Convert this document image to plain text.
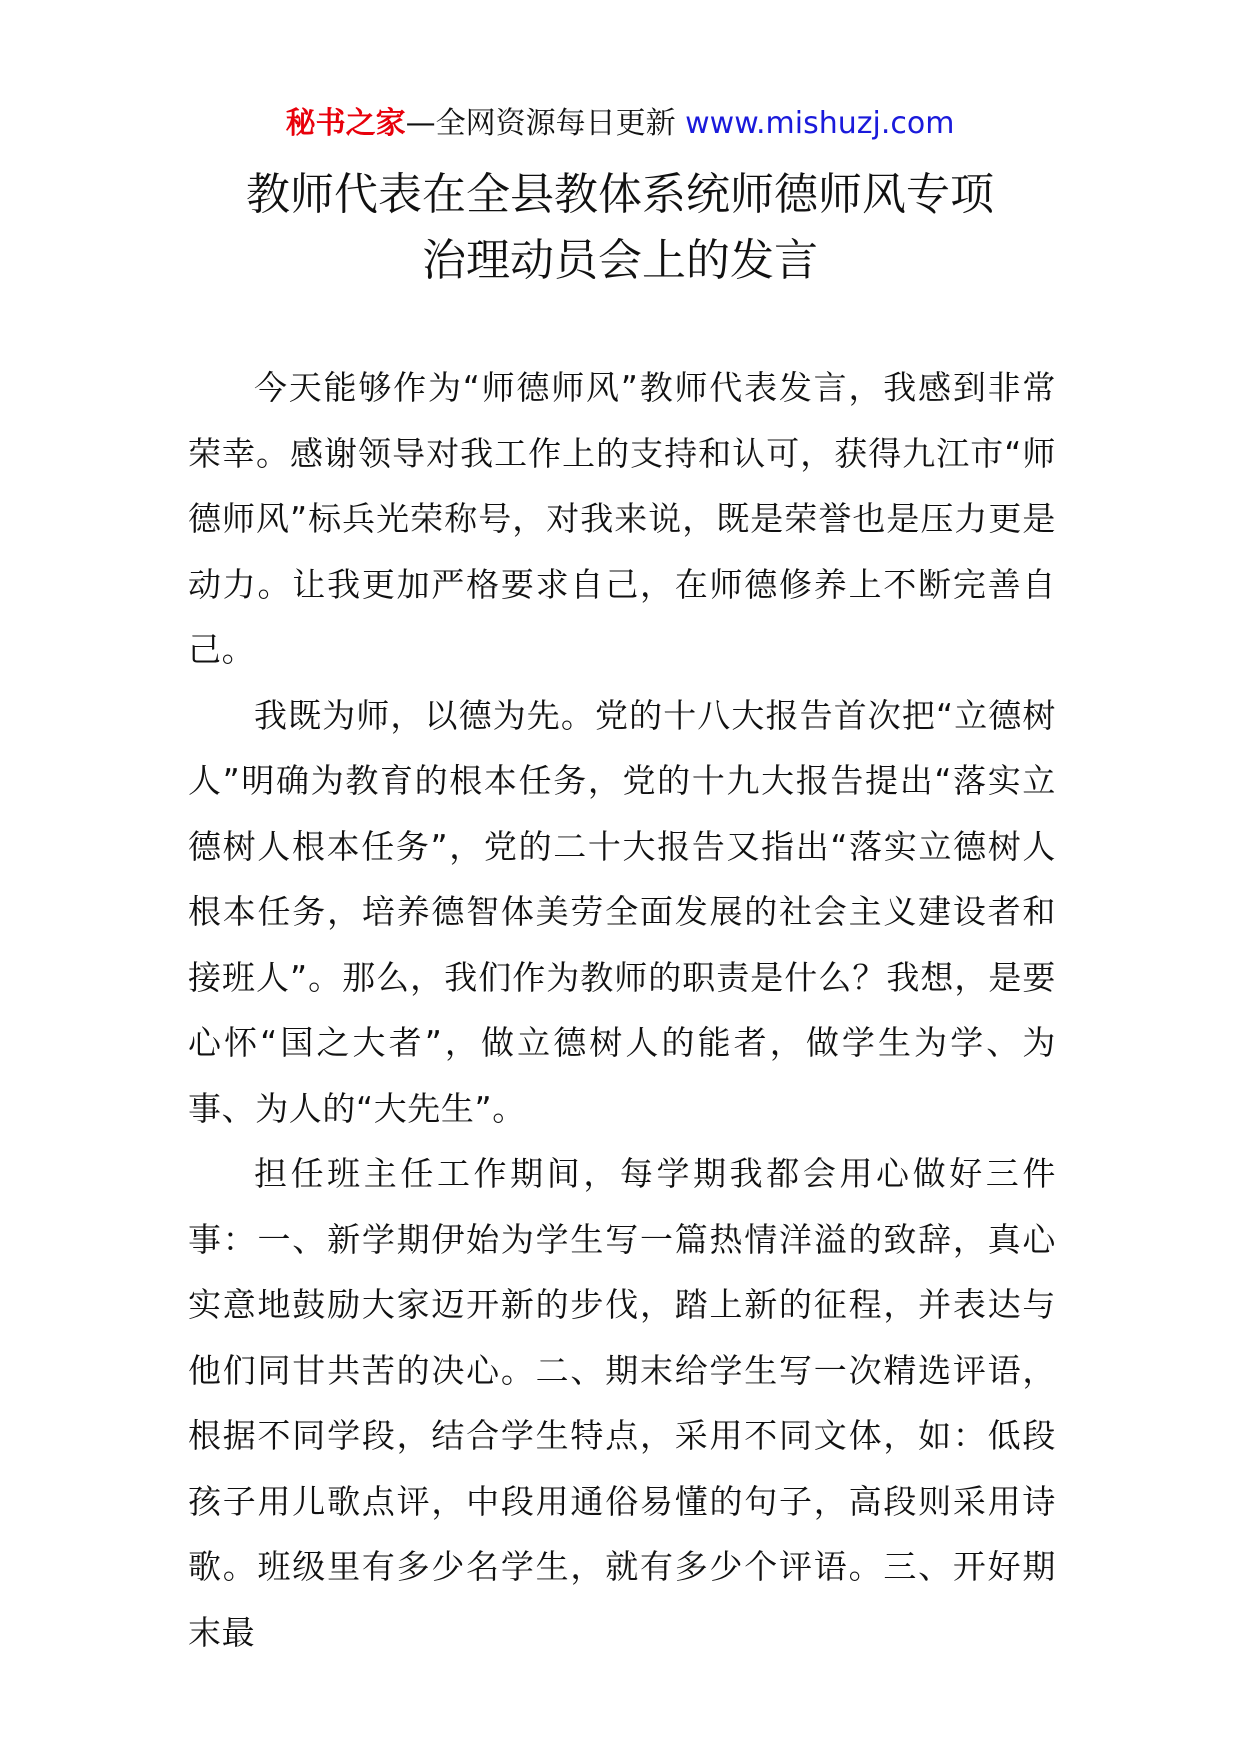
秘书之家—全网资源每日更新 www.mishuzj.com
教师代表在全县教体系统师德师风专项
治理动员会上的发言

今天能够作为“师德师风”教师代表发言，我感到非常荣幸。感谢领导对我工作上的支持和认可，获得九江市“师德师风”标兵光荣称号，对我来说，既是荣誉也是压力更是动力。让我更加严格要求自己，在师德修养上不断完善自己。

我既为师，以德为先。党的十八大报告首次把“立德树人”明确为教育的根本任务，党的十九大报告提出“落实立德树人根本任务”，党的二十大报告又指出“落实立德树人根本任务，培养德智体美劳全面发展的社会主义建设者和接班人”。那么，我们作为教师的职责是什么？我想，是要心怀“国之大者”，做立德树人的能者，做学生为学、为事、为人的“大先生”。

担任班主任工作期间，每学期我都会用心做好三件事：一、新学期伊始为学生写一篇热情洋溢的致辞，真心实意地鼓励大家迈开新的步伐，踏上新的征程，并表达与他们同甘共苦的决心。二、期末给学生写一次精选评语，根据不同学段，结合学生特点，采用不同文体，如：低段孩子用儿歌点评，中段用通俗易懂的句子，高段则采用诗歌。班级里有多少名学生，就有多少个评语。三、开好期末最
